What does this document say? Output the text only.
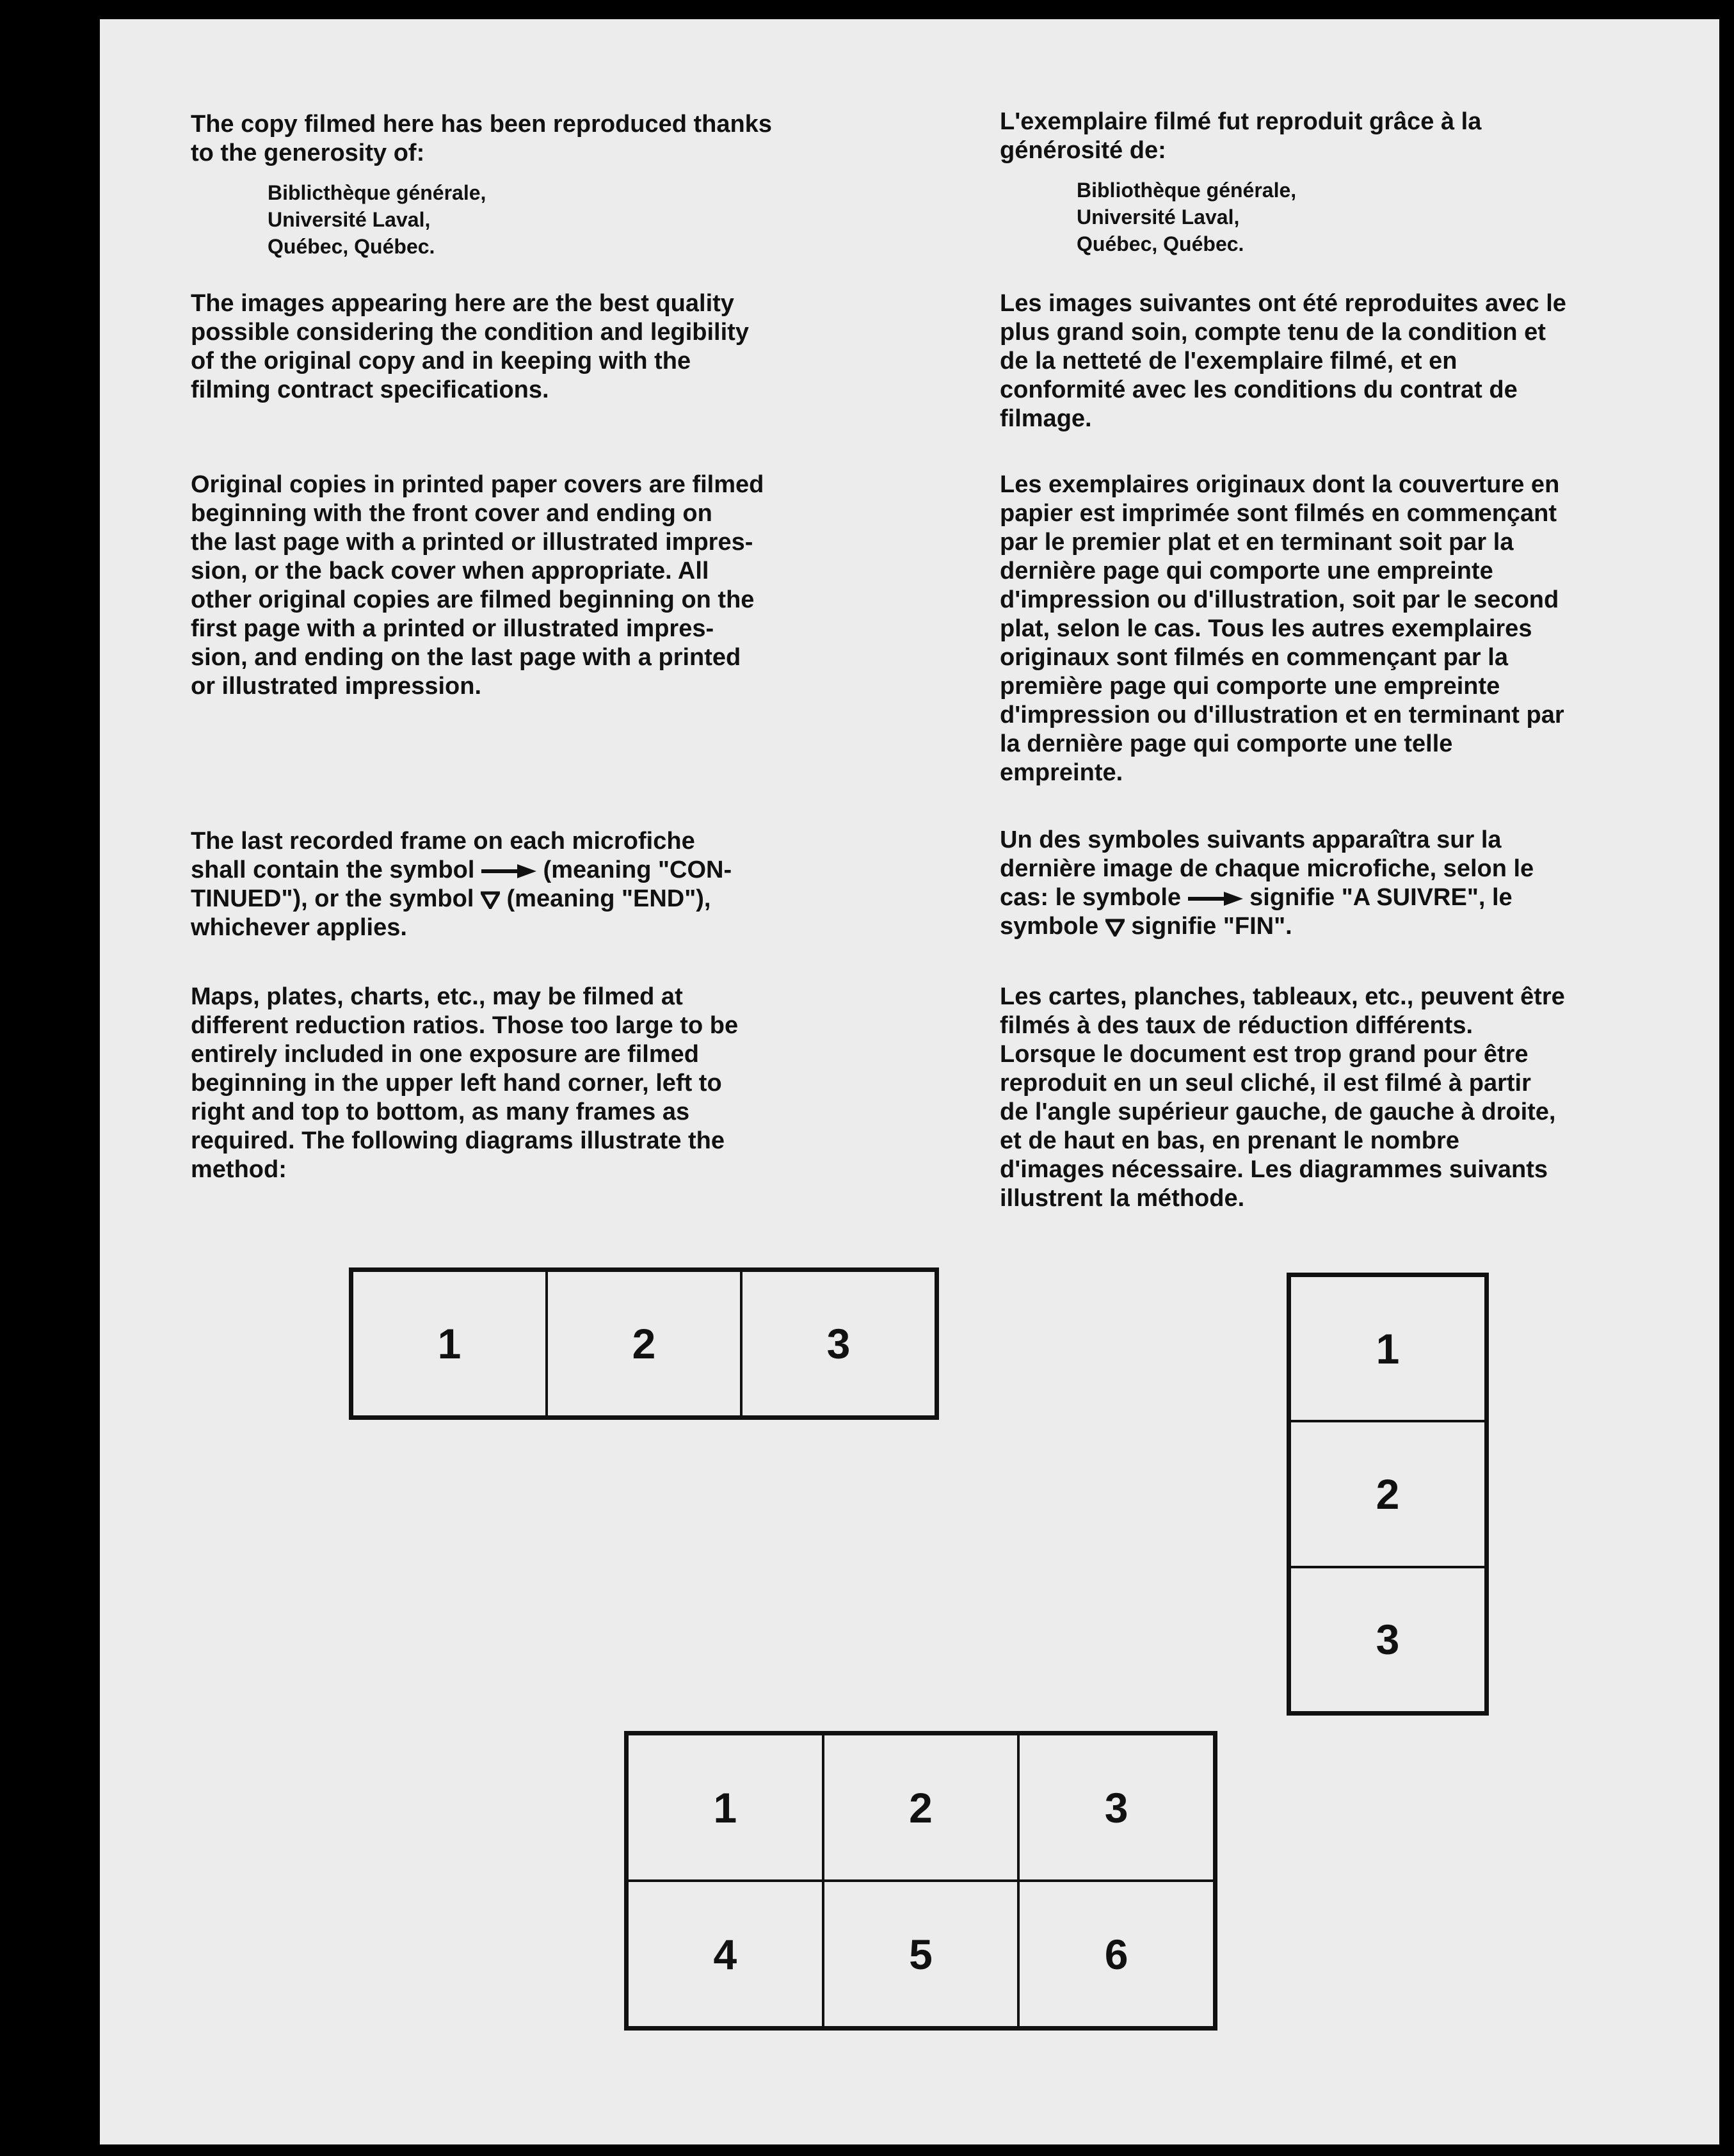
The copy filmed here has been reproduced thanks
to the generosity of:

Biblicthèque générale,
Université Laval,
Québec, Québec.

The images appearing here are the best quality
possible considering the condition and legibility
of the original copy and in keeping with the
filming contract specifications.

Original copies in printed paper covers are filmed
beginning with the front cover and ending on
the last page with a printed or illustrated impres-
sion, or the back cover when appropriate. All
other original copies are filmed beginning on the
first page with a printed or illustrated impres-
sion, and ending on the last page with a printed
or illustrated impression.

The last recorded frame on each microfiche
shall contain the symbol	(meaning "CON-
TINUED"), or the symbol  (meaning "END"),
whichever applies.

Maps, plates, charts, etc., may be filmed at
different reduction ratios. Those too large to be
entirely included in one exposure are filmed
beginning in the upper left hand corner, left to
right and top to bottom, as many frames as
required. The following diagrams illustrate the
method:

L'exemplaire filmé fut reproduit grâce à la
générosité de:

Bibliothèque générale,
Université Laval,
Québec, Québec.

Les images suivantes ont été reproduites avec le
plus grand soin, compte tenu de la condition et
de la netteté de l'exemplaire filmé, et en
conformité avec les conditions du contrat de
filmage.

Les exemplaires originaux dont la couverture en
papier est imprimée sont filmés en commençant
par le premier plat et en terminant soit par la
dernière page qui comporte une empreinte
d'impression ou d'illustration, soit par le second
plat, selon le cas. Tous les autres exemplaires
originaux sont filmés en commençant par la
première page qui comporte une empreinte
d'impression ou d'illustration et en terminant par
la dernière page qui comporte une telle
empreinte.

Un des symboles suivants apparaîtra sur la
dernière image de chaque microfiche, selon le
cas: le symbole	signifie "A SUIVRE", le
symbole  signifie "FIN".

Les cartes, planches, tableaux, etc., peuvent être
filmés à des taux de réduction différents.
Lorsque le document est trop grand pour être
reproduit en un seul cliché, il est filmé à partir
de l'angle supérieur gauche, de gauche à droite,
et de haut en bas, en prenant le nombre
d'images nécessaire. Les diagrammes suivants
illustrent la méthode.

1	2	3	1
2
3
1	2	3
4	5	6
